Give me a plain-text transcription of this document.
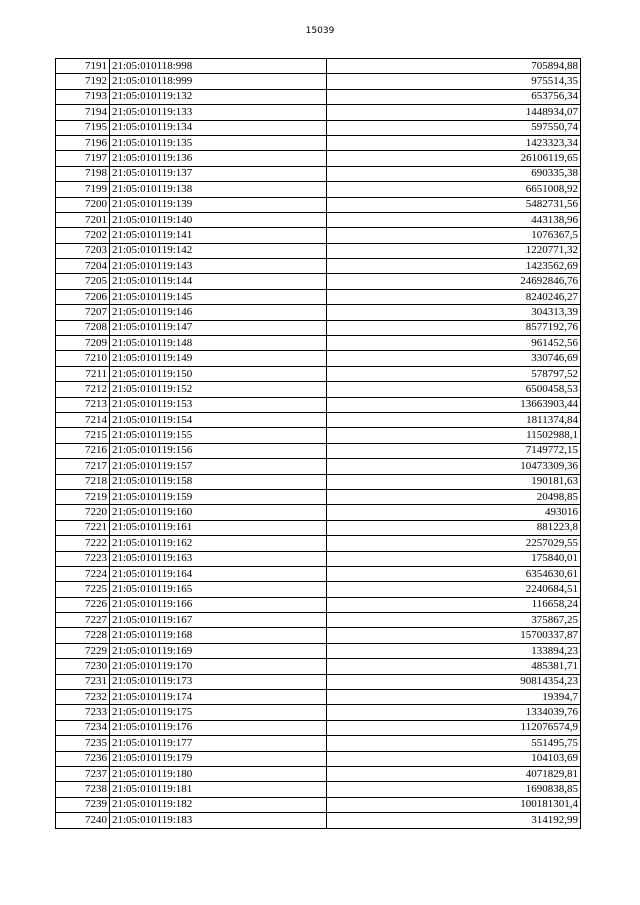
15039
7191	21:05:010118:998	705894,88
7192	21:05:010118:999	975514,35
7193	21:05:010119:132	653756,34
7194	21:05:010119:133	1448934,07
7195	21:05:010119:134	597550,74
7196	21:05:010119:135	1423323,34
7197	21:05:010119:136	26106119,65
7198	21:05:010119:137	690335,38
7199	21:05:010119:138	6651008,92
7200	21:05:010119:139	5482731,56
7201	21:05:010119:140	443138,96
7202	21:05:010119:141	1076367,5
7203	21:05:010119:142	1220771,32
7204	21:05:010119:143	1423562,69
7205	21:05:010119:144	24692846,76
7206	21:05:010119:145	8240246,27
7207	21:05:010119:146	304313,39
7208	21:05:010119:147	8577192,76
7209	21:05:010119:148	961452,56
7210	21:05:010119:149	330746,69
7211	21:05:010119:150	578797,52
7212	21:05:010119:152	6500458,53
7213	21:05:010119:153	13663903,44
7214	21:05:010119:154	1811374,84
7215	21:05:010119:155	11502988,1
7216	21:05:010119:156	7149772,15
7217	21:05:010119:157	10473309,36
7218	21:05:010119:158	190181,63
7219	21:05:010119:159	20498,85
7220	21:05:010119:160	493016
7221	21:05:010119:161	881223,8
7222	21:05:010119:162	2257029,55
7223	21:05:010119:163	175840,01
7224	21:05:010119:164	6354630,61
7225	21:05:010119:165	2240684,51
7226	21:05:010119:166	116658,24
7227	21:05:010119:167	375867,25
7228	21:05:010119:168	15700337,87
7229	21:05:010119:169	133894,23
7230	21:05:010119:170	485381,71
7231	21:05:010119:173	90814354,23
7232	21:05:010119:174	19394,7
7233	21:05:010119:175	1334039,76
7234	21:05:010119:176	112076574,9
7235	21:05:010119:177	551495,75
7236	21:05:010119:179	104103,69
7237	21:05:010119:180	4071829,81
7238	21:05:010119:181	1690838,85
7239	21:05:010119:182	100181301,4
7240	21:05:010119:183	314192,99
